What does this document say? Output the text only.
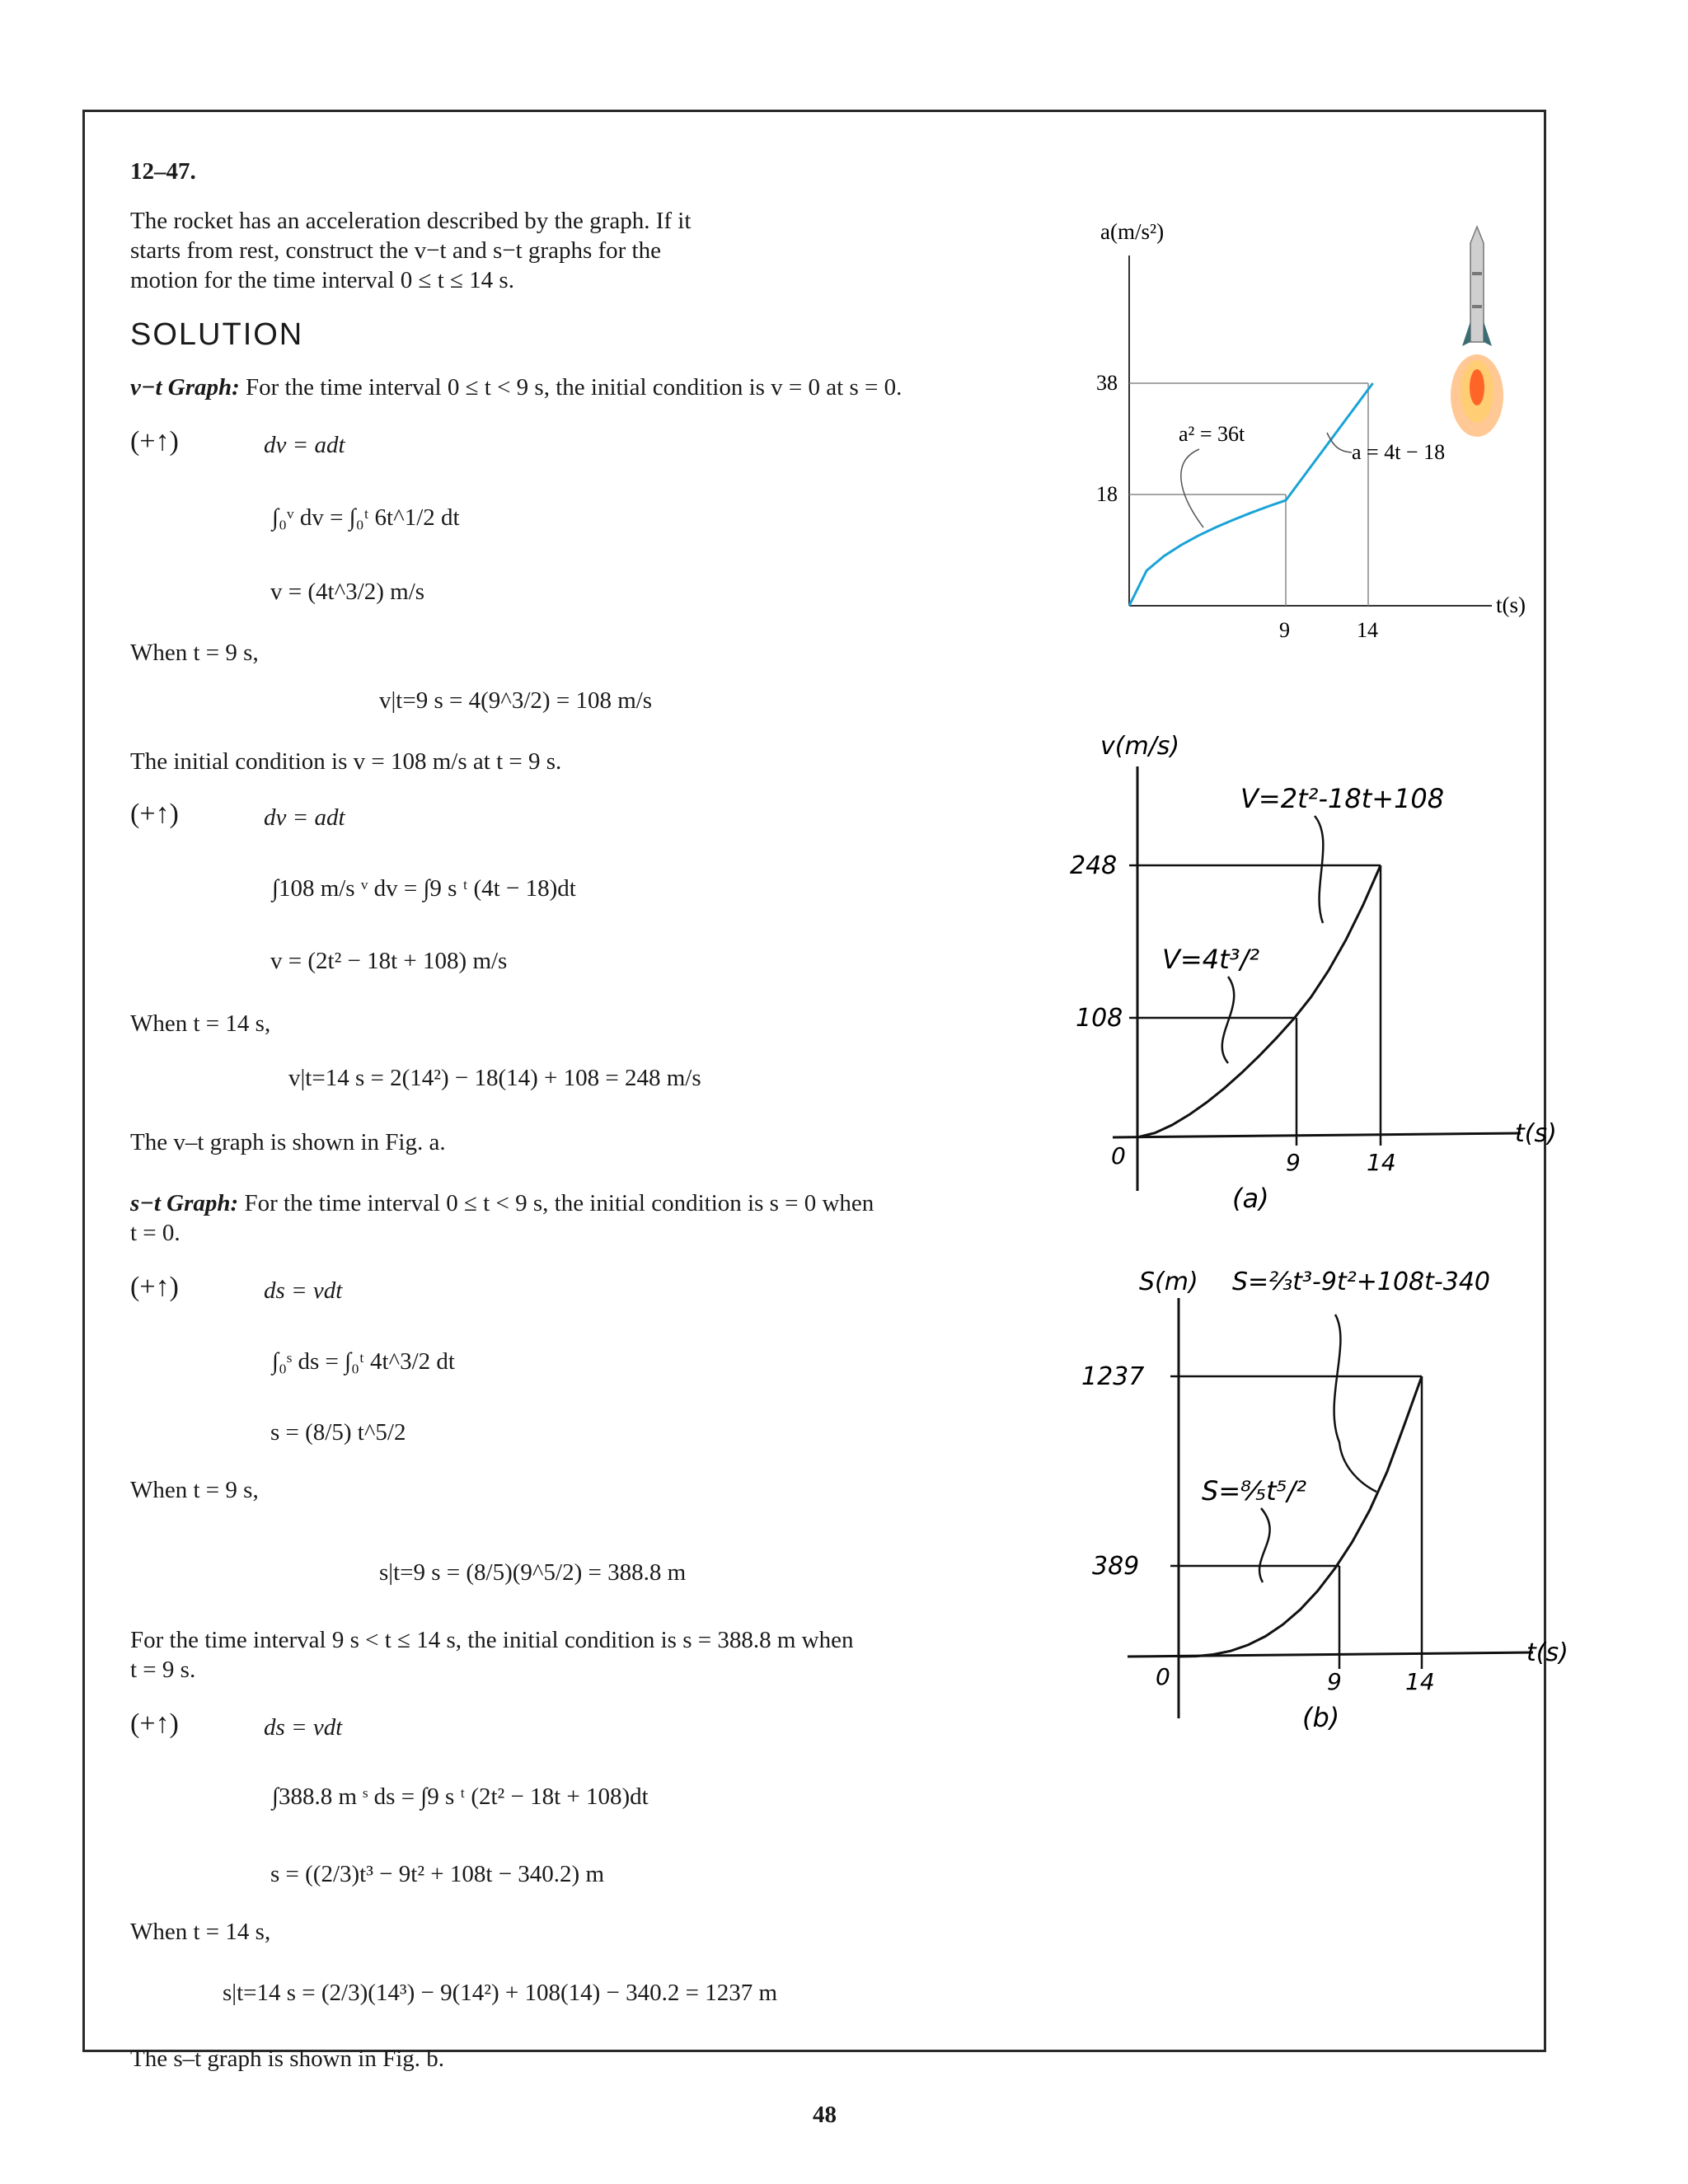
12–47.
The rocket has an acceleration described by the graph. If it
starts from rest, construct the v−t and s−t graphs for the
motion for the time interval 0 ≤ t ≤ 14 s.
SOLUTION
v−t Graph: For the time interval 0 ≤ t < 9 s, the initial condition is v = 0 at s = 0.
(+↑)	dv = adt
∫₀ᵛ dv = ∫₀ᵗ 6t^1/2 dt
v = (4t^3/2) m/s
When t = 9 s,
v|t=9 s = 4(9^3/2) = 108 m/s
The initial condition is v = 108 m/s at t = 9 s.
(+↑)	dv = adt
∫108 m/s ᵛ dv = ∫9 s ᵗ (4t − 18)dt
v = (2t² − 18t + 108) m/s
When t = 14 s,
v|t=14 s = 2(14²) − 18(14) + 108 = 248 m/s
The v–t graph is shown in Fig. a.
s−t Graph: For the time interval 0 ≤ t < 9 s, the initial condition is s = 0 when
t = 0.
(+↑)	ds = vdt
∫₀ˢ ds = ∫₀ᵗ 4t^3/2 dt
s = (8/5) t^5/2
When t = 9 s,
s|t=9 s = (8/5)(9^5/2) = 388.8 m
For the time interval 9 s < t ≤ 14 s, the initial condition is s = 388.8 m when
t = 9 s.
(+↑)	ds = vdt
∫388.8 m ˢ ds = ∫9 s ᵗ (2t² − 18t + 108)dt
s = ((2/3)t³ − 9t² + 108t − 340.2) m
When t = 14 s,
s|t=14 s = (2/3)(14³) − 9(14²) + 108(14) − 340.2 = 1237 m
The s–t graph is shown in Fig. b.
48
a(m/s²)
t(s)
38
18
9	14
a² = 36t
a = 4t − 18
v(m/s)
t(s)
0
248
108
9	14
V=2t²-18t+108
V=4t³/²
(a)
S(m) S=⅔t³-9t²+108t-340
t(s)
0
1237
389
9	14
S=⁸⁄₅t⁵/²
(b)
